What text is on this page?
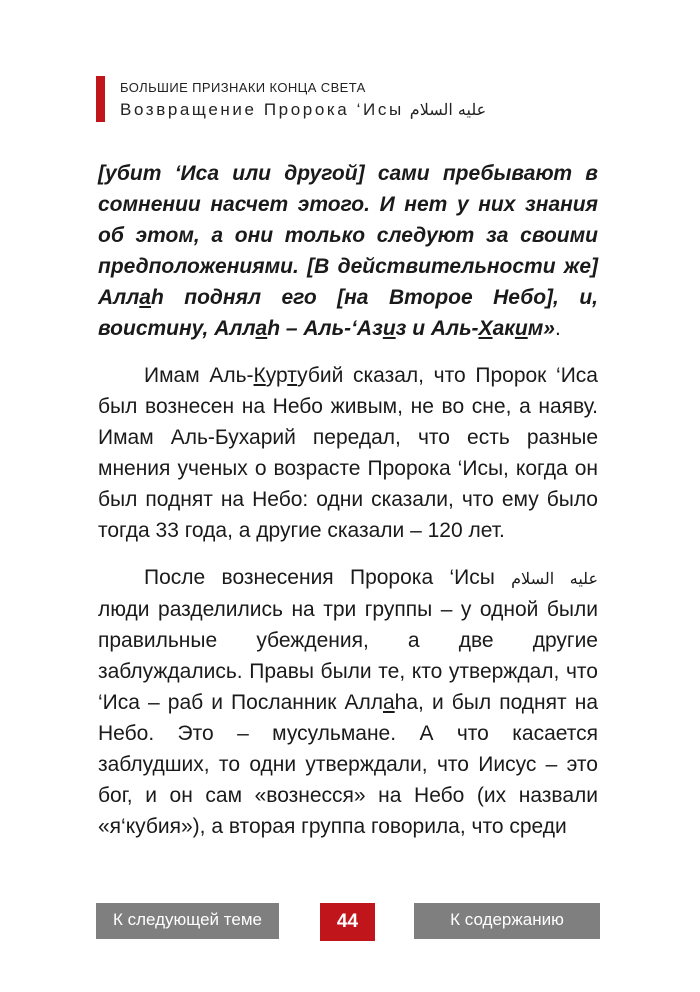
БОЛЬШИЕ ПРИЗНАКИ КОНЦА СВЕТА
Возвращение Пророка ‘Исы عليه السلام

[убит ‘Иса или другой] сами пребывают в сомнении насчет этого. И нет у них знания об этом, а они только следуют за своими предположениями. [В действительности же] Аллаh поднял его [на Второе Небо], и, воистину, Аллаh – Аль-‘Азиз и Аль-Хаким».

Имам Аль-Куртубий сказал, что Пророк ‘Иса был вознесен на Небо живым, не во сне, а наяву. Имам Аль-Бухарий передал, что есть разные мнения ученых о возрасте Пророка ‘Исы, когда он был поднят на Небо: одни сказали, что ему было тогда 33 года, а другие сказали – 120 лет.

После вознесения Пророка ‘Исы عليه السلام люди разделились на три группы – у одной были правильные убеждения, а две другие заблуждались. Правы были те, кто утверждал, что ‘Иса – раб и Посланник Аллаhа, и был поднят на Небо. Это – мусульмане. А что касается заблудших, то одни утверждали, что Иисус – это бог, и он сам «вознесся» на Небо (их назвали «я‘кубия»), а вторая группа говорила, что среди

К следующей теме	44	К содержанию
